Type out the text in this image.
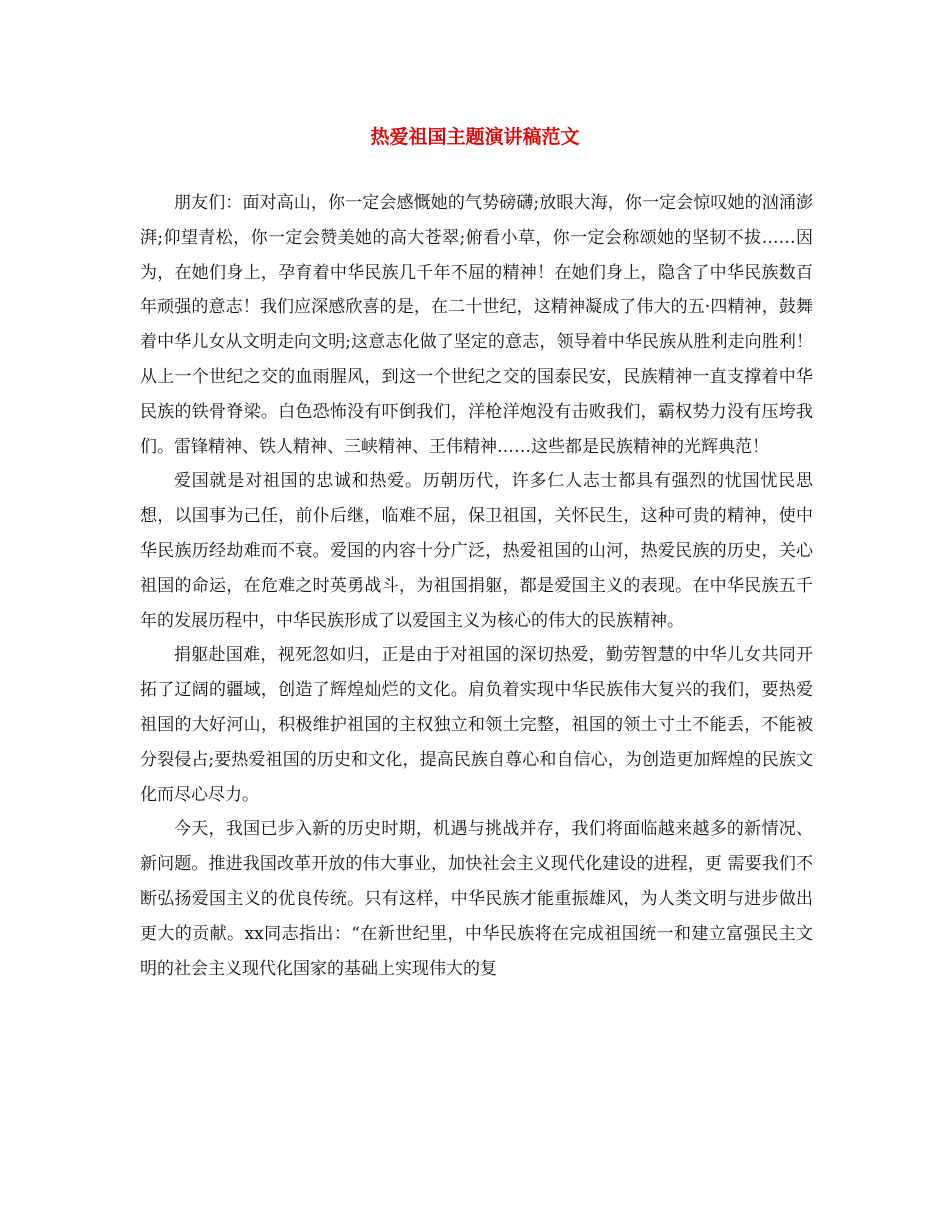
热爱祖国主题演讲稿范文

朋友们：面对高山，你一定会感慨她的气势磅礴;放眼大海，你一定会惊叹她的汹涌澎湃;仰望青松，你一定会赞美她的高大苍翠;俯看小草，你一定会称颂她的坚韧不拔……因为，在她们身上，孕育着中华民族几千年不屈的精神！在她们身上，隐含了中华民族数百年顽强的意志！我们应深感欣喜的是，在二十世纪，这精神凝成了伟大的五·四精神，鼓舞着中华儿女从文明走向文明;这意志化做了坚定的意志，领导着中华民族从胜利走向胜利！从上一个世纪之交的血雨腥风，到这一个世纪之交的国泰民安，民族精神一直支撑着中华民族的铁骨脊梁。白色恐怖没有吓倒我们，洋枪洋炮没有击败我们，霸权势力没有压垮我们。雷锋精神、铁人精神、三峡精神、王伟精神……这些都是民族精神的光辉典范！

爱国就是对祖国的忠诚和热爱。历朝历代，许多仁人志士都具有强烈的忧国忧民思想，以国事为己任，前仆后继，临难不屈，保卫祖国，关怀民生，这种可贵的精神，使中华民族历经劫难而不衰。爱国的内容十分广泛，热爱祖国的山河，热爱民族的历史，关心祖国的命运，在危难之时英勇战斗，为祖国捐躯，都是爱国主义的表现。在中华民族五千年的发展历程中，中华民族形成了以爱国主义为核心的伟大的民族精神。

捐躯赴国难，视死忽如归，正是由于对祖国的深切热爱，勤劳智慧的中华儿女共同开拓了辽阔的疆域，创造了辉煌灿烂的文化。肩负着实现中华民族伟大复兴的我们，要热爱祖国的大好河山，积极维护祖国的主权独立和领土完整，祖国的领土寸土不能丢，不能被分裂侵占;要热爱祖国的历史和文化，提高民族自尊心和自信心，为创造更加辉煌的民族文化而尽心尽力。

今天，我国已步入新的历史时期，机遇与挑战并存，我们将面临越来越多的新情况、新问题。推进我国改革开放的伟大事业，加快社会主义现代化建设的进程，更 需要我们不断弘扬爱国主义的优良传统。只有这样，中华民族才能重振雄风，为人类文明与进步做出更大的贡献。xx同志指出：“在新世纪里，中华民族将在完成祖国统一和建立富强民主文明的社会主义现代化国家的基础上实现伟大的复
